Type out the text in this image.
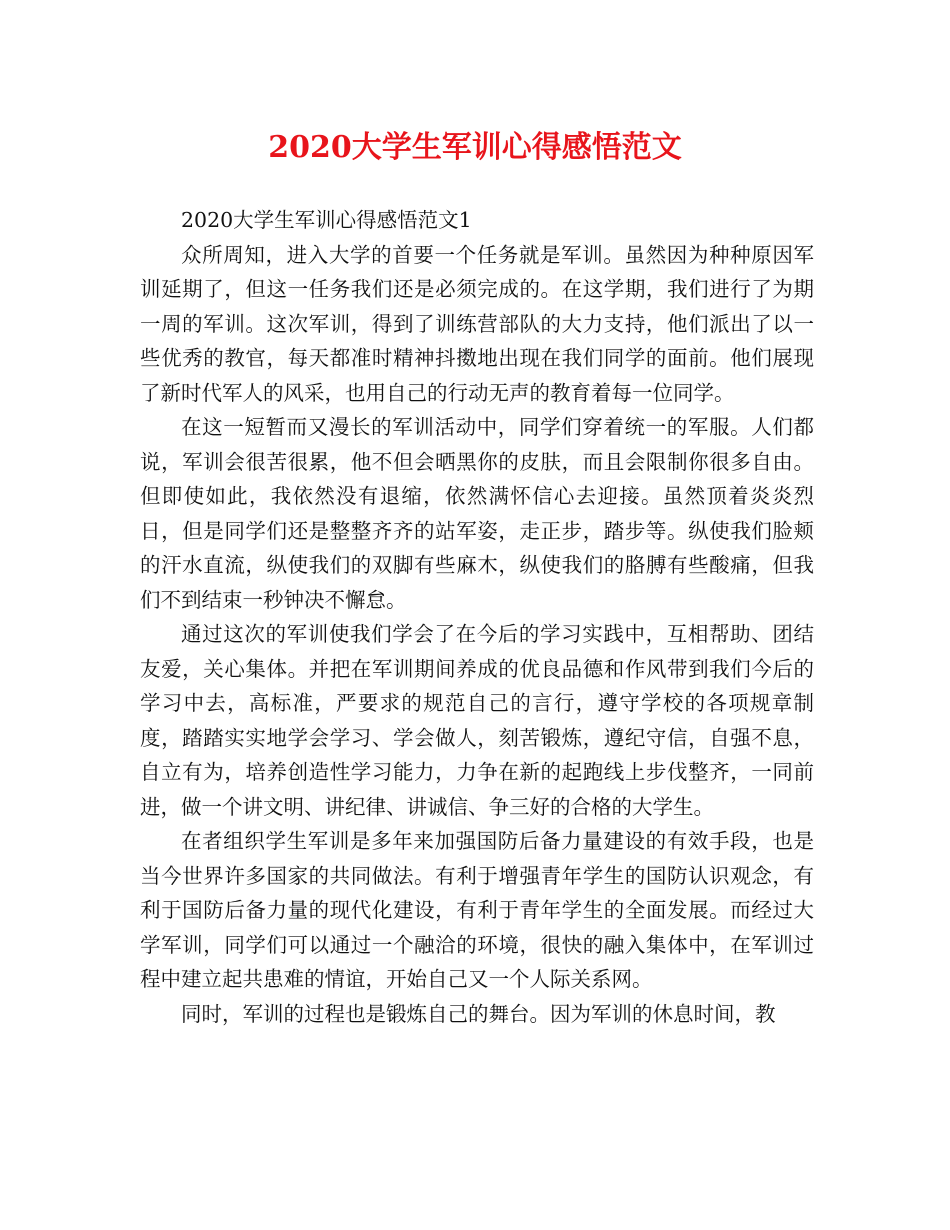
2020大学生军训心得感悟范文

2020大学生军训心得感悟范文1

众所周知，进入大学的首要一个任务就是军训。虽然因为种种原因军训延期了，但这一任务我们还是必须完成的。在这学期，我们进行了为期一周的军训。这次军训，得到了训练营部队的大力支持，他们派出了以一些优秀的教官，每天都准时精神抖擞地出现在我们同学的面前。他们展现了新时代军人的风采，也用自己的行动无声的教育着每一位同学。

在这一短暂而又漫长的军训活动中，同学们穿着统一的军服。人们都说，军训会很苦很累，他不但会晒黑你的皮肤，而且会限制你很多自由。但即使如此，我依然没有退缩，依然满怀信心去迎接。虽然顶着炎炎烈日，但是同学们还是整整齐齐的站军姿，走正步，踏步等。纵使我们脸颊的汗水直流，纵使我们的双脚有些麻木，纵使我们的胳膊有些酸痛，但我们不到结束一秒钟决不懈怠。

通过这次的军训使我们学会了在今后的学习实践中，互相帮助、团结友爱，关心集体。并把在军训期间养成的优良品德和作风带到我们今后的学习中去，高标准，严要求的规范自己的言行，遵守学校的各项规章制度，踏踏实实地学会学习、学会做人，刻苦锻炼，遵纪守信，自强不息，自立有为，培养创造性学习能力，力争在新的起跑线上步伐整齐，一同前进，做一个讲文明、讲纪律、讲诚信、争三好的合格的大学生。

在者组织学生军训是多年来加强国防后备力量建设的有效手段，也是当今世界许多国家的共同做法。有利于增强青年学生的国防认识观念，有利于国防后备力量的现代化建设，有利于青年学生的全面发展。而经过大学军训，同学们可以通过一个融洽的环境，很快的融入集体中，在军训过程中建立起共患难的情谊，开始自己又一个人际关系网。

同时，军训的过程也是锻炼自己的舞台。因为军训的休息时间，教
